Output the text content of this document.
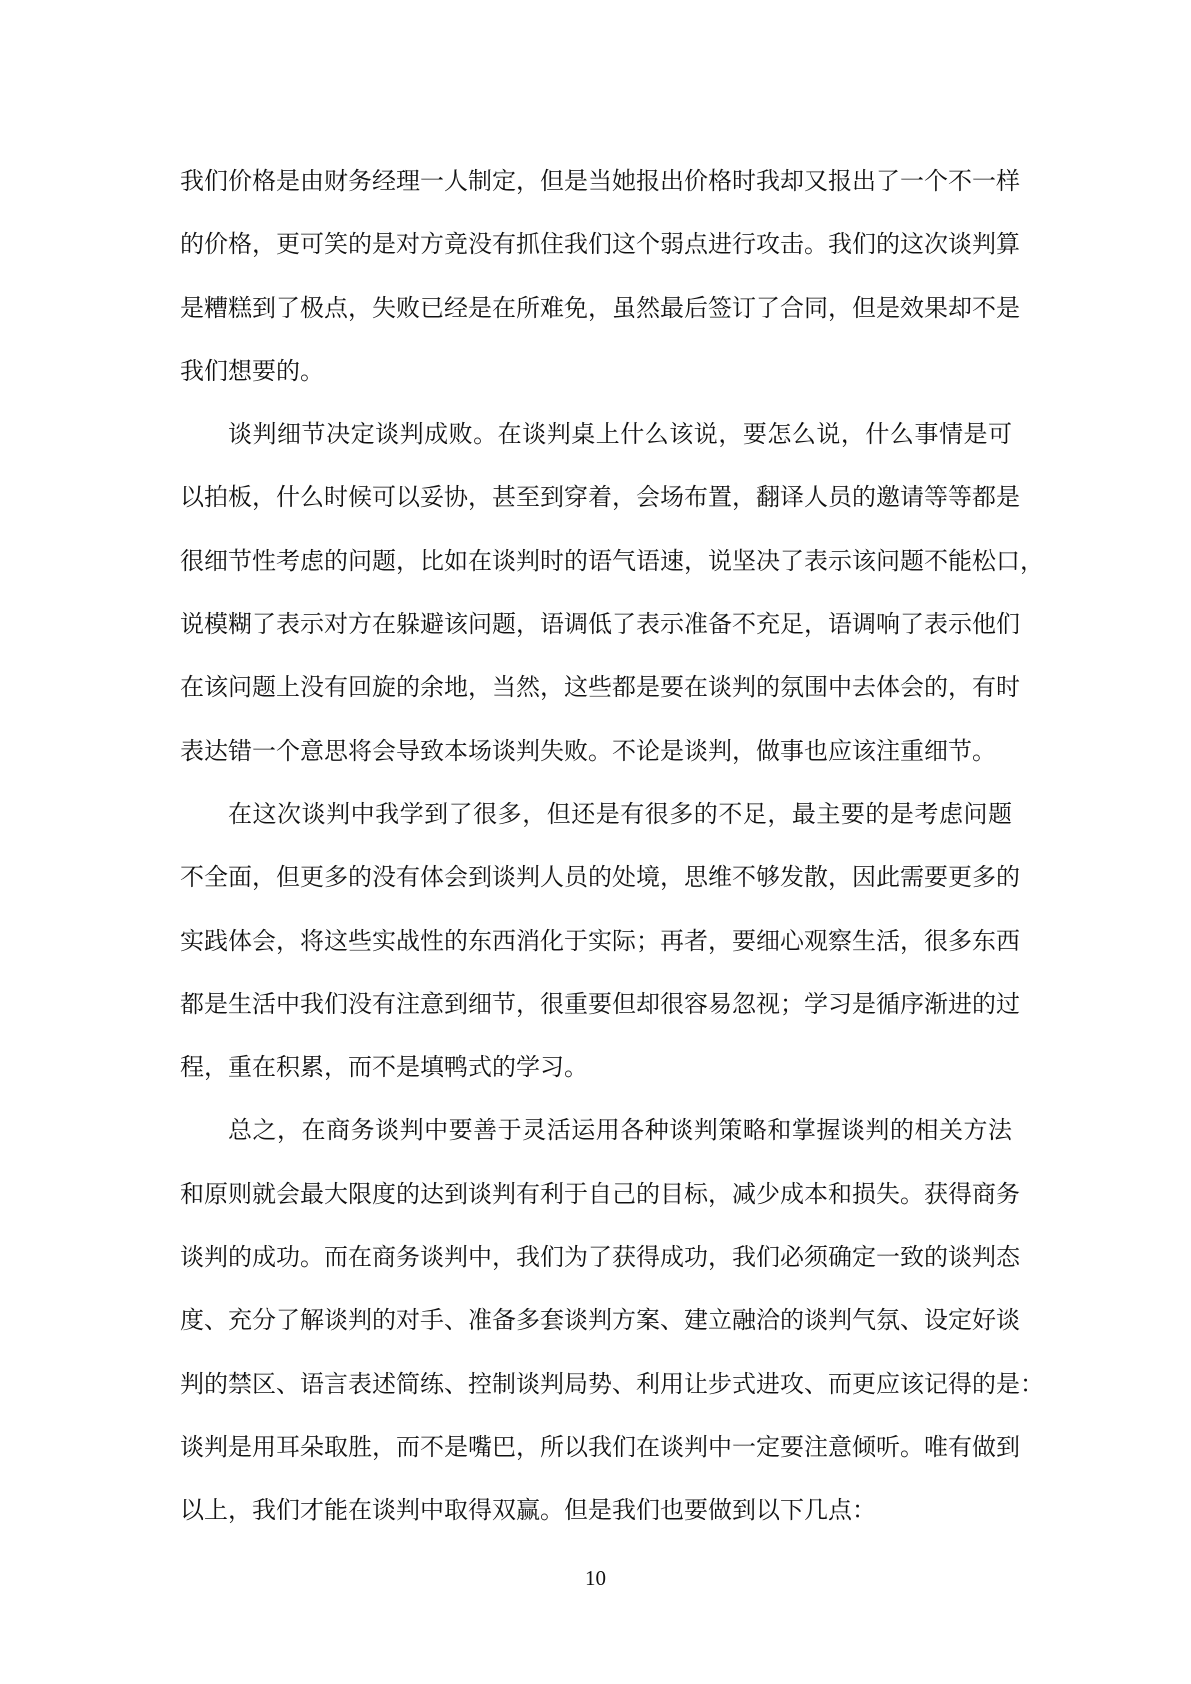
我们价格是由财务经理一人制定，但是当她报出价格时我却又报出了一个不一样
的价格，更可笑的是对方竟没有抓住我们这个弱点进行攻击。我们的这次谈判算
是糟糕到了极点，失败已经是在所难免，虽然最后签订了合同，但是效果却不是
我们想要的。
谈判细节决定谈判成败。在谈判桌上什么该说，要怎么说，什么事情是可
以拍板，什么时候可以妥协，甚至到穿着，会场布置，翻译人员的邀请等等都是
很细节性考虑的问题，比如在谈判时的语气语速，说坚决了表示该问题不能松口，
说模糊了表示对方在躲避该问题，语调低了表示准备不充足，语调响了表示他们
在该问题上没有回旋的余地，当然，这些都是要在谈判的氛围中去体会的，有时
表达错一个意思将会导致本场谈判失败。不论是谈判，做事也应该注重细节。
在这次谈判中我学到了很多，但还是有很多的不足，最主要的是考虑问题
不全面，但更多的没有体会到谈判人员的处境，思维不够发散，因此需要更多的
实践体会，将这些实战性的东西消化于实际；再者，要细心观察生活，很多东西
都是生活中我们没有注意到细节，很重要但却很容易忽视；学习是循序渐进的过
程，重在积累，而不是填鸭式的学习。
总之，在商务谈判中要善于灵活运用各种谈判策略和掌握谈判的相关方法
和原则就会最大限度的达到谈判有利于自己的目标，减少成本和损失。获得商务
谈判的成功。而在商务谈判中，我们为了获得成功，我们必须确定一致的谈判态
度、充分了解谈判的对手、准备多套谈判方案、建立融洽的谈判气氛、设定好谈
判的禁区、语言表述简练、控制谈判局势、利用让步式进攻、而更应该记得的是：
谈判是用耳朵取胜，而不是嘴巴，所以我们在谈判中一定要注意倾听。唯有做到
以上，我们才能在谈判中取得双赢。但是我们也要做到以下几点：
10
